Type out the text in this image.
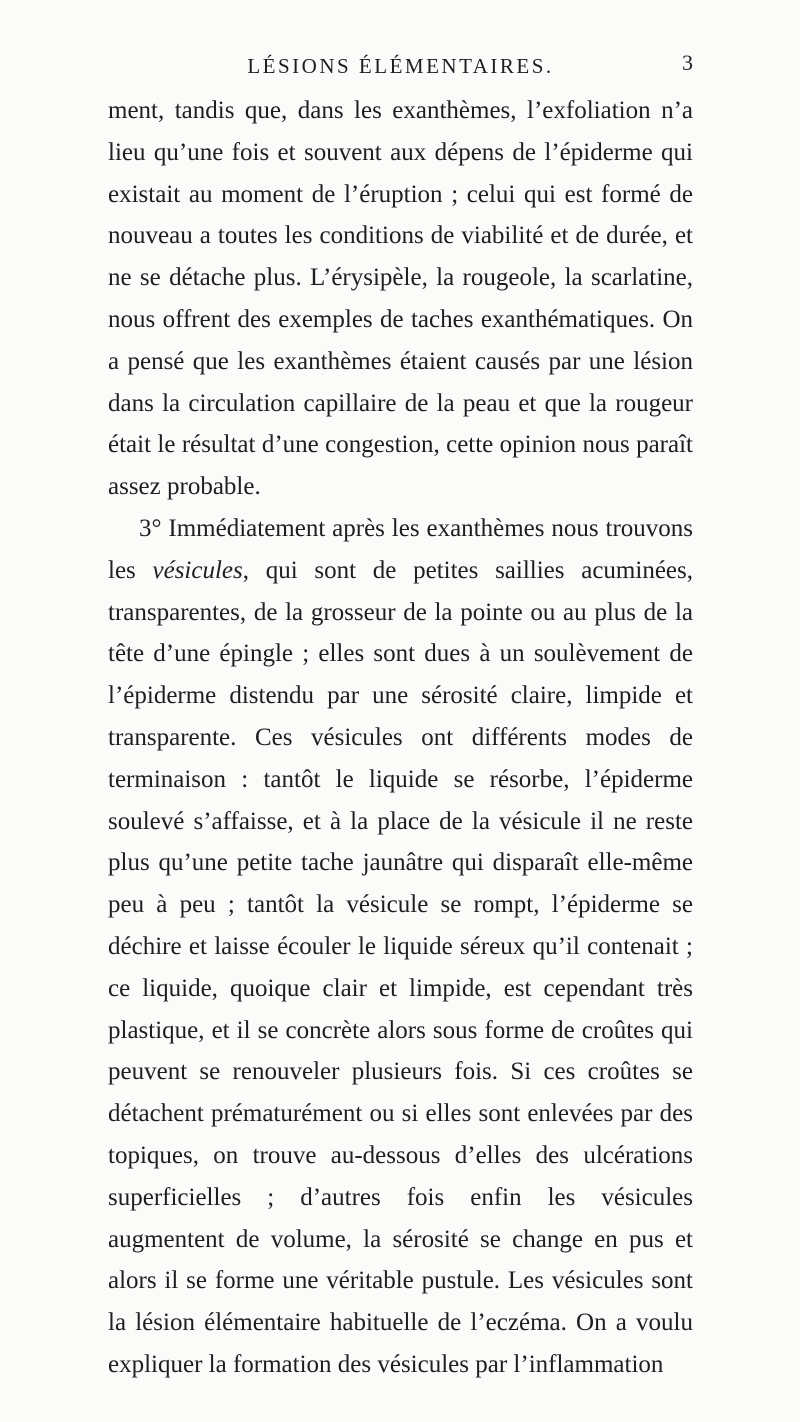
LÉSIONS ÉLÉMENTAIRES.	3

ment, tandis que, dans les exanthèmes, l’exfoliation n’a lieu qu’une fois et souvent aux dépens de l’épiderme qui existait au moment de l’éruption ; celui qui est formé de nouveau a toutes les conditions de viabilité et de durée, et ne se détache plus. L’érysipèle, la rougeole, la scarlatine, nous offrent des exemples de taches exanthématiques. On a pensé que les exanthèmes étaient causés par une lésion dans la circulation capillaire de la peau et que la rougeur était le résultat d’une congestion, cette opinion nous paraît assez probable.

3° Immédiatement après les exanthèmes nous trouvons les vésicules, qui sont de petites saillies acuminées, transparentes, de la grosseur de la pointe ou au plus de la tête d’une épingle ; elles sont dues à un soulèvement de l’épiderme distendu par une sérosité claire, limpide et transparente. Ces vésicules ont différents modes de terminaison : tantôt le liquide se résorbe, l’épiderme soulevé s’affaisse, et à la place de la vésicule il ne reste plus qu’une petite tache jaunâtre qui disparaît elle-même peu à peu ; tantôt la vésicule se rompt, l’épiderme se déchire et laisse écouler le liquide séreux qu’il contenait ; ce liquide, quoique clair et limpide, est cependant très plastique, et il se concrète alors sous forme de croûtes qui peuvent se renouveler plusieurs fois. Si ces croûtes se détachent prématurément ou si elles sont enlevées par des topiques, on trouve au-dessous d’elles des ulcérations superficielles ; d’autres fois enfin les vésicules augmentent de volume, la sérosité se change en pus et alors il se forme une véritable pustule. Les vésicules sont la lésion élémentaire habituelle de l’eczéma. On a voulu expliquer la formation des vésicules par l’inflammation
